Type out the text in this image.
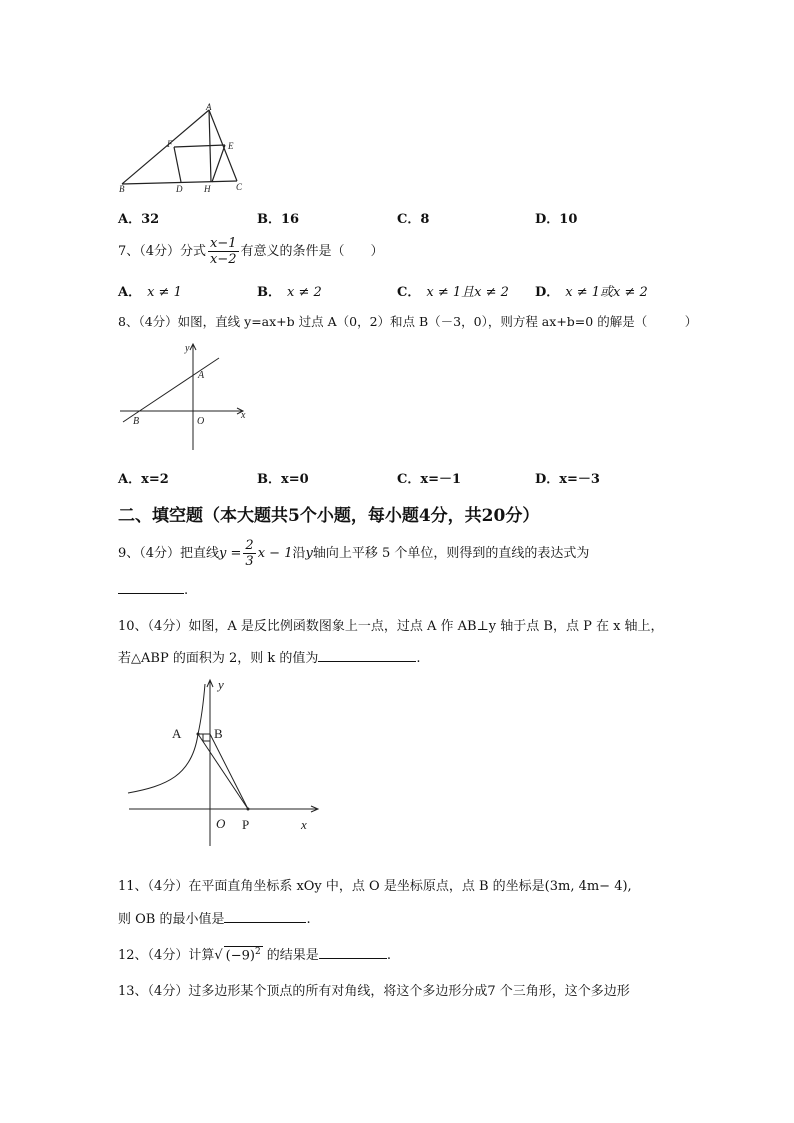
A
F	E
B	D H	C
A．32	B．16	C．8	D．10
7、（4分）分式 $\frac{x-1}{x-2}$ 有意义的条件是（　　）
A． x ≠ 1	B． x ≠ 2	C． x ≠ 1且x ≠ 2 D． x ≠ 1或x ≠ 2
8、（4分）如图，直线 y=ax+b 过点 A（0，2）和点 B（－3，0），则方程 ax+b=0 的解是（　　　）
y
x
A
B	O
A．x=2	B．x=0	C．x=－1	D．x=－3
二、填空题（本大题共5个小题，每小题4分，共20分）
9、（4分）把直线$y = \frac{2}{3}$ x − 1沿y轴向上平移 5 个单位，则得到的直线的表达式为
.
10、（4分）如图，A 是反比例函数图象上一点，过点 A 作 AB⊥y 轴于点 B，点 P 在 x 轴上，
若△ABP 的面积为 2，则 k 的值为	.
y
x
A	B
O P
11、（4分）在平面直角坐标系 xOy 中，点 O 是坐标原点，点 B 的坐标是(3m, 4m− 4),
则 OB 的最小值是	.
12、（4分）计算√ $(-9)^2$ 的结果是	.
13、（4分）过多边形某个顶点的所有对角线，将这个多边形分成7 个三角形，这个多边形
